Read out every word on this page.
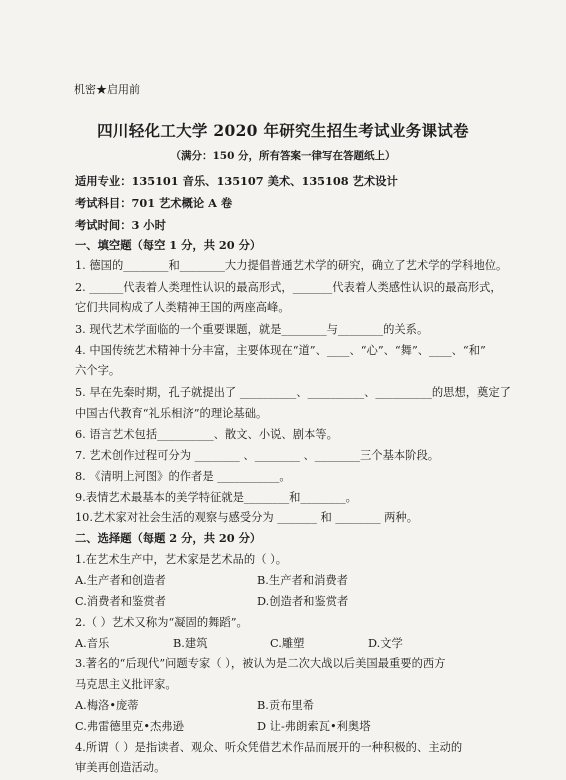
机密★启用前
四川轻化工大学 2020 年研究生招生考试业务课试卷
（满分：150 分，所有答案一律写在答题纸上）
适用专业：135101 音乐、135107 美术、135108 艺术设计
考试科目：701 艺术概论 A 卷
考试时间：3 小时
一、填空题（每空 1 分，共 20 分）
1. 德国的________和________大力提倡普通艺术学的研究，确立了艺术学的学科地位。
2. ______代表着人类理性认识的最高形式，_______代表着人类感性认识的最高形式，
它们共同构成了人类精神王国的两座高峰。
3. 现代艺术学面临的一个重要课题，就是________与________的关系。
4. 中国传统艺术精神十分丰富，主要体现在“道”、____、“心”、“舞”、____、“和”
六个字。
5. 早在先秦时期，孔子就提出了 __________、__________、__________的思想，奠定了
中国古代教育“礼乐相济”的理论基础。
6. 语言艺术包括__________、散文、小说、剧本等。
7. 艺术创作过程可分为 ________ 、________ 、________三个基本阶段。
8. 《清明上河图》的作者是 ___________。
9.表情艺术最基本的美学特征就是________和________。
10.艺术家对社会生活的观察与感受分为 _______ 和 ________ 两种。
二、选择题（每题 2 分，共 20 分）
1.在艺术生产中，艺术家是艺术品的（ ）。
A.生产者和创造者	B.生产者和消费者
C.消费者和鉴赏者	D.创造者和鉴赏者
2.（ ）艺术又称为“凝固的舞蹈”。
A.音乐	B.建筑	C.雕塑	D.文学
3.著名的“后现代”问题专家（ ），被认为是二次大战以后美国最重要的西方
马克思主义批评家。
A.梅洛•庞蒂	B.贡布里希
C.弗雷德里克•杰弗逊	D 让-弗朗索瓦•利奥塔
4.所谓（ ）是指读者、观众、听众凭借艺术作品而展开的一种积极的、主动的
审美再创造活动。
